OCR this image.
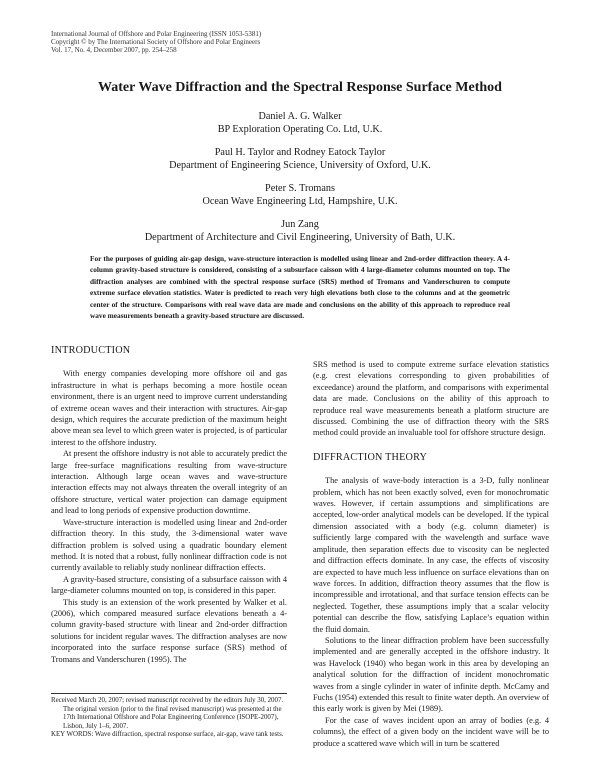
International Journal of Offshore and Polar Engineering (ISSN 1053-5381)
Copyright © by The International Society of Offshore and Polar Engineers
Vol. 17, No. 4, December 2007, pp. 254–258
Water Wave Diffraction and the Spectral Response Surface Method
Daniel A. G. Walker
BP Exploration Operating Co. Ltd, U.K.
Paul H. Taylor and Rodney Eatock Taylor
Department of Engineering Science, University of Oxford, U.K.
Peter S. Tromans
Ocean Wave Engineering Ltd, Hampshire, U.K.
Jun Zang
Department of Architecture and Civil Engineering, University of Bath, U.K.
For the purposes of guiding air-gap design, wave-structure interaction is modelled using linear and 2nd-order diffraction theory. A 4-column gravity-based structure is considered, consisting of a subsurface caisson with 4 large-diameter columns mounted on top. The diffraction analyses are combined with the spectral response surface (SRS) method of Tromans and Vanderschuren to compute extreme surface elevation statistics. Water is predicted to reach very high elevations both close to the columns and at the geometric center of the structure. Comparisons with real wave data are made and conclusions on the ability of this approach to reproduce real wave measurements beneath a gravity-based structure are discussed.
INTRODUCTION

With energy companies developing more offshore oil and gas infrastructure in what is perhaps becoming a more hostile ocean environment, there is an urgent need to improve current understanding of extreme ocean waves and their interaction with structures. Air-gap design, which requires the accurate prediction of the maximum height above mean sea level to which green water is projected, is of particular interest to the offshore industry.

At present the offshore industry is not able to accurately predict the large free-surface magnifications resulting from wave-structure interaction. Although large ocean waves and wave-structure interaction effects may not always threaten the overall integrity of an offshore structure, vertical water projection can damage equipment and lead to long periods of expensive production downtime.

Wave-structure interaction is modelled using linear and 2nd-order diffraction theory. In this study, the 3-dimensional water wave diffraction problem is solved using a quadratic boundary element method. It is noted that a robust, fully nonlinear diffraction code is not currently available to reliably study nonlinear diffraction effects.

A gravity-based structure, consisting of a subsurface caisson with 4 large-diameter columns mounted on top, is considered in this paper.

This study is an extension of the work presented by Walker et al. (2006), which compared measured surface elevations beneath a 4-column gravity-based structure with linear and 2nd-order diffraction solutions for incident regular waves. The diffraction analyses are now incorporated into the surface response surface (SRS) method of Tromans and Vanderschuren (1995). The

Received March 20, 2007; revised manuscript received by the editors July 30, 2007. The original version (prior to the final revised manuscript) was presented at the 17th International Offshore and Polar Engineering Conference (ISOPE-2007), Lisbon, July 1–6, 2007.
KEY WORDS: Wave diffraction, spectral response surface, air-gap, wave tank tests.

SRS method is used to compute extreme surface elevation statistics (e.g. crest elevations corresponding to given probabilities of exceedance) around the platform, and comparisons with experimental data are made. Conclusions on the ability of this approach to reproduce real wave measurements beneath a platform structure are discussed. Combining the use of diffraction theory with the SRS method could provide an invaluable tool for offshore structure design.

DIFFRACTION THEORY

The analysis of wave-body interaction is a 3-D, fully nonlinear problem, which has not been exactly solved, even for monochromatic waves. However, if certain assumptions and simplifications are accepted, low-order analytical models can be developed. If the typical dimension associated with a body (e.g. column diameter) is sufficiently large compared with the wavelength and surface wave amplitude, then separation effects due to viscosity can be neglected and diffraction effects dominate. In any case, the effects of viscosity are expected to have much less influence on surface elevations than on wave forces. In addition, diffraction theory assumes that the flow is incompressible and irrotational, and that surface tension effects can be neglected. Together, these assumptions imply that a scalar velocity potential can describe the flow, satisfying Laplace’s equation within the fluid domain.

Solutions to the linear diffraction problem have been successfully implemented and are generally accepted in the offshore industry. It was Havelock (1940) who began work in this area by developing an analytical solution for the diffraction of incident monochromatic waves from a single cylinder in water of infinite depth. McCamy and Fuchs (1954) extended this result to finite water depth. An overview of this early work is given by Mei (1989).

For the case of waves incident upon an array of bodies (e.g. 4 columns), the effect of a given body on the incident wave will be to produce a scattered wave which will in turn be scattered
